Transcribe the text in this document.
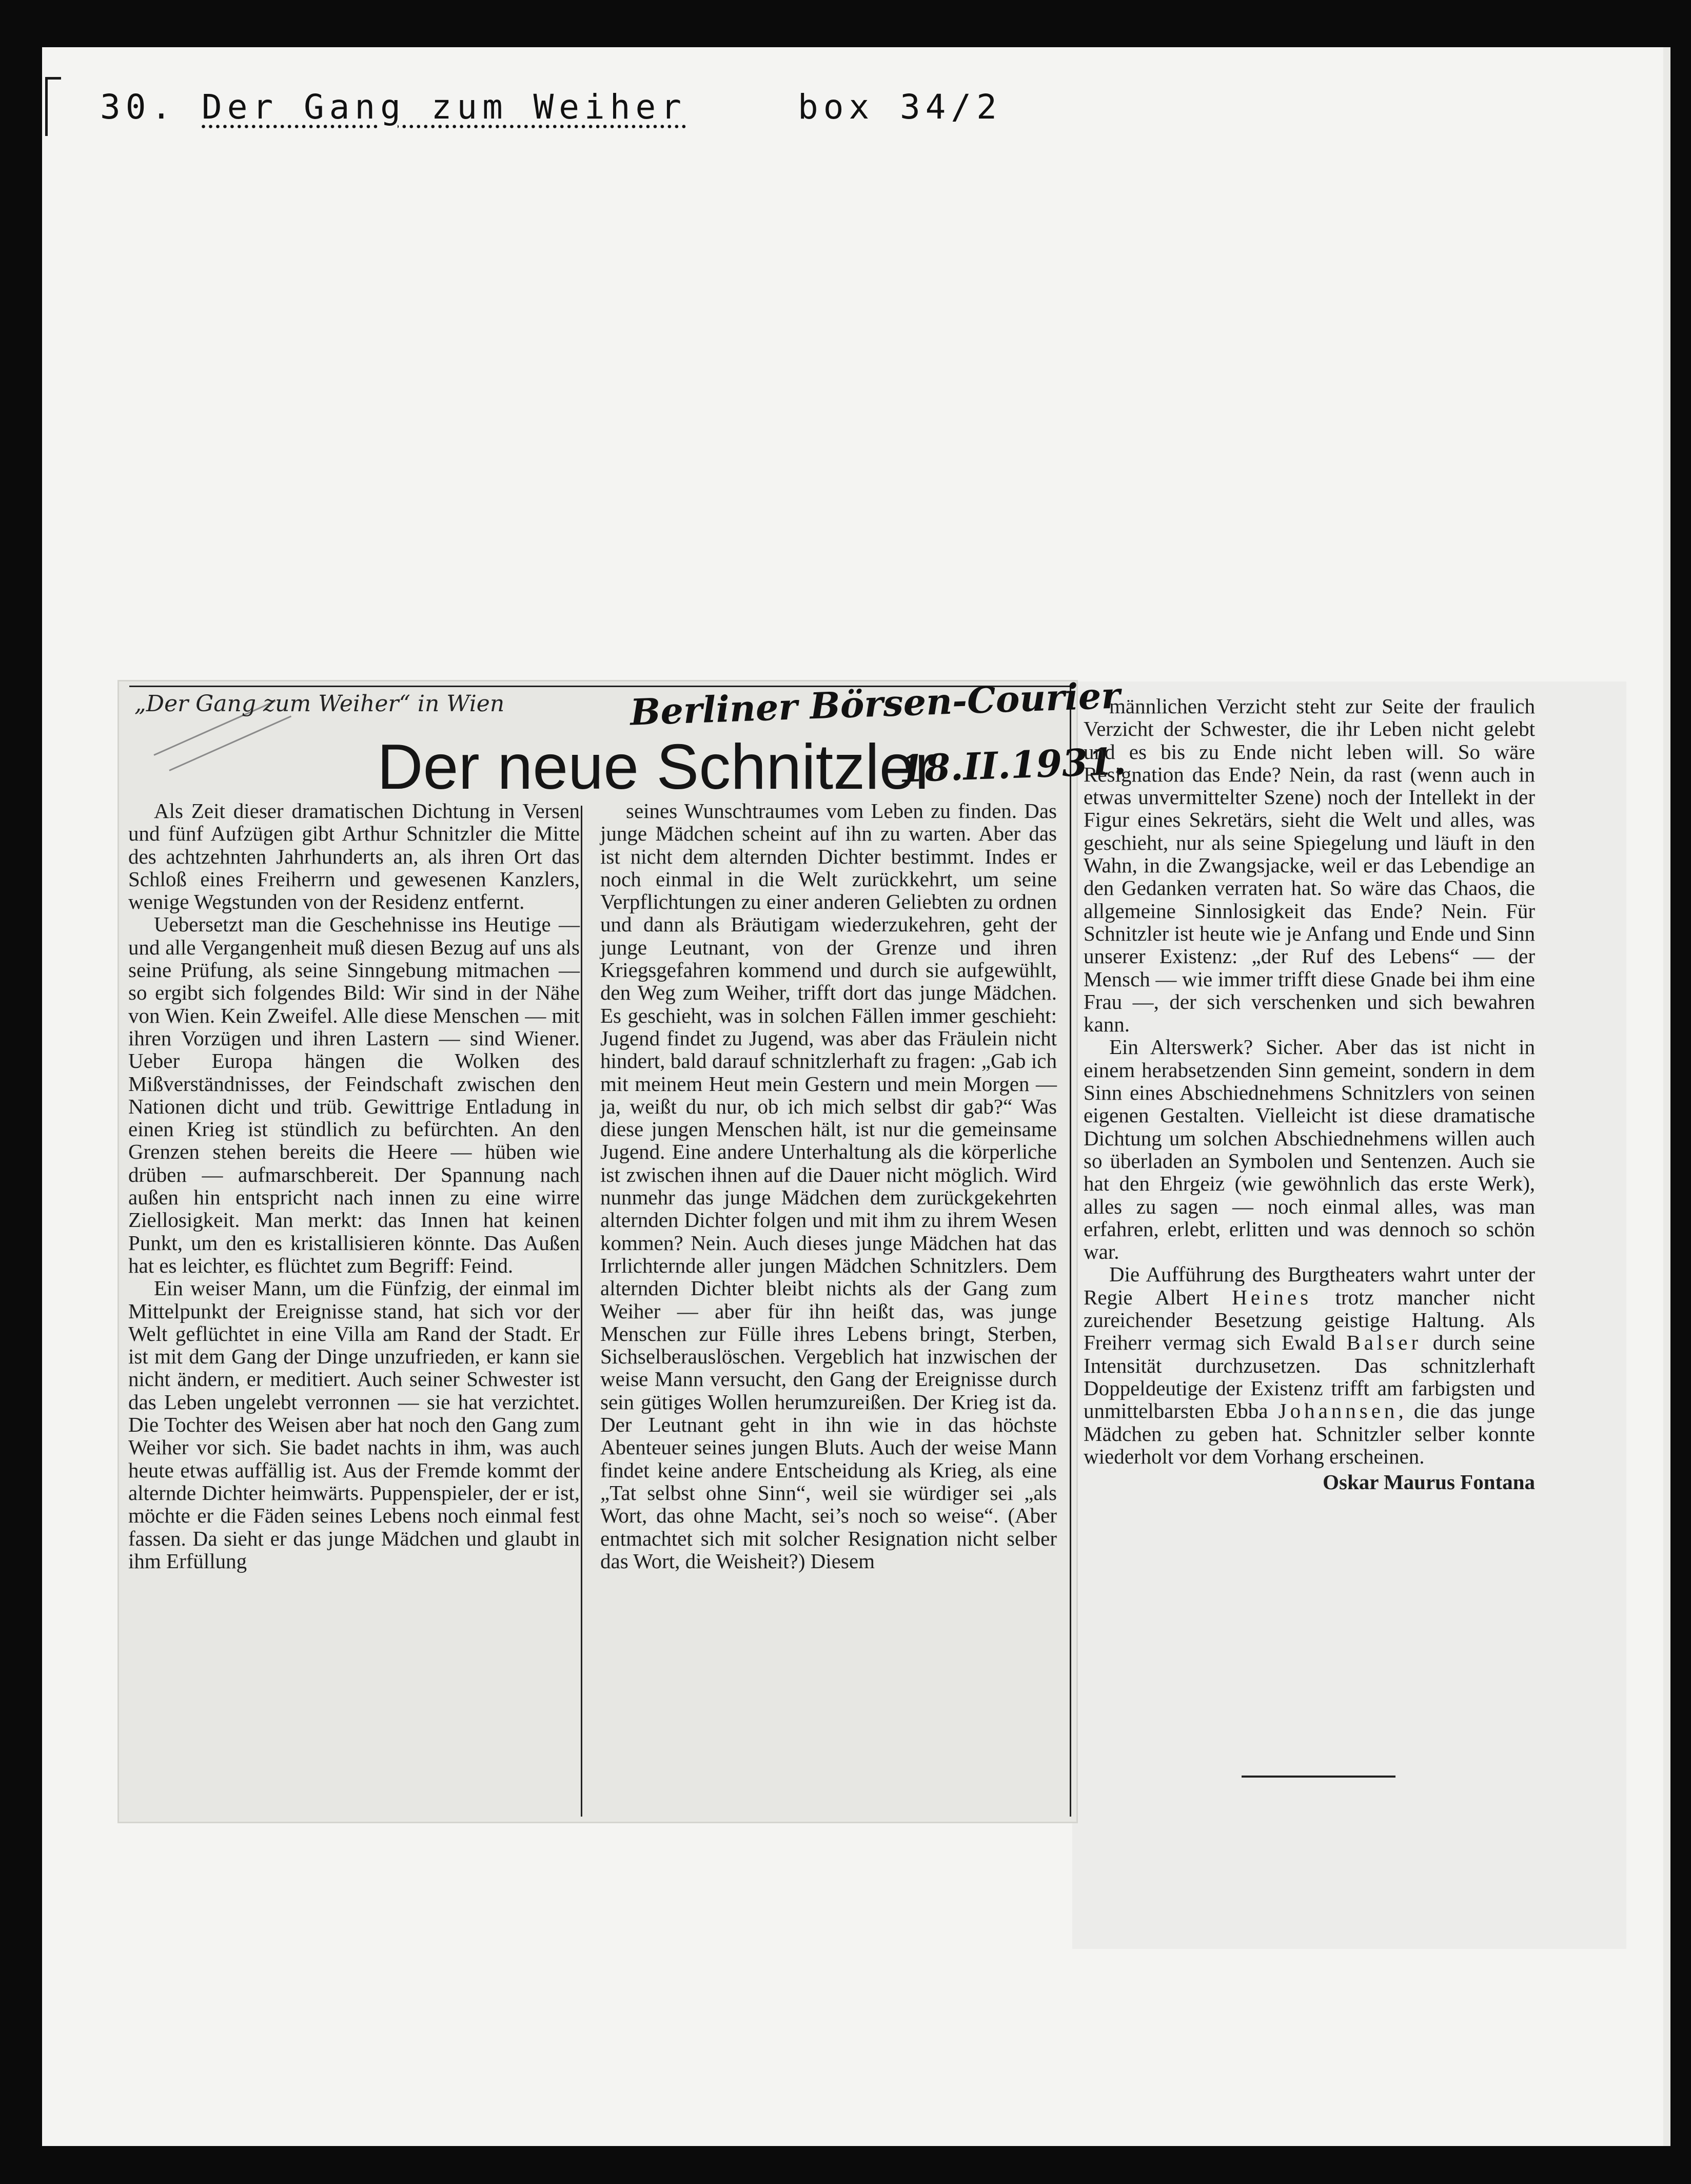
30. Der Gang zum Weiher	box 34/2
„Der Gang zum Weiher“ in Wien	Berliner Börsen-Courier
Der neue Schnitzler
18.II.1931.

Als Zeit dieser dramatischen Dichtung in Versen und fünf Aufzügen gibt Arthur Schnitzler die Mitte des achtzehnten Jahrhunderts an, als ihren Ort das Schloß eines Freiherrn und gewesenen Kanzlers, wenige Wegstunden von der Residenz entfernt.

Uebersetzt man die Geschehnisse ins Heutige — und alle Vergangenheit muß diesen Bezug auf uns als seine Prüfung, als seine Sinngebung mitmachen — so ergibt sich folgendes Bild: Wir sind in der Nähe von Wien. Kein Zweifel. Alle diese Menschen — mit ihren Vorzügen und ihren Lastern — sind Wiener. Ueber Europa hängen die Wolken des Mißverständnisses, der Feindschaft zwischen den Nationen dicht und trüb. Gewittrige Entladung in einen Krieg ist stündlich zu befürchten. An den Grenzen stehen bereits die Heere — hüben wie drüben — aufmarschbereit. Der Spannung nach außen hin entspricht nach innen zu eine wirre Ziellosigkeit. Man merkt: das Innen hat keinen Punkt, um den es kristallisieren könnte. Das Außen hat es leichter, es flüchtet zum Begriff: Feind.

Ein weiser Mann, um die Fünfzig, der einmal im Mittelpunkt der Ereignisse stand, hat sich vor der Welt geflüchtet in eine Villa am Rand der Stadt. Er ist mit dem Gang der Dinge unzufrieden, er kann sie nicht ändern, er meditiert. Auch seiner Schwester ist das Leben ungelebt verronnen — sie hat verzichtet. Die Tochter des Weisen aber hat noch den Gang zum Weiher vor sich. Sie badet nachts in ihm, was auch heute etwas auffällig ist. Aus der Fremde kommt der alternde Dichter heimwärts. Puppenspieler, der er ist, möchte er die Fäden seines Lebens noch einmal fest fassen. Da sieht er das junge Mädchen und glaubt in ihm Erfüllung

seines Wunschtraumes vom Leben zu finden. Das junge Mädchen scheint auf ihn zu warten. Aber das ist nicht dem alternden Dichter bestimmt. Indes er noch einmal in die Welt zurückkehrt, um seine Verpflichtungen zu einer anderen Geliebten zu ordnen und dann als Bräutigam wiederzukehren, geht der junge Leutnant, von der Grenze und ihren Kriegsgefahren kommend und durch sie aufgewühlt, den Weg zum Weiher, trifft dort das junge Mädchen. Es geschieht, was in solchen Fällen immer geschieht: Jugend findet zu Jugend, was aber das Fräulein nicht hindert, bald darauf schnitzlerhaft zu fragen: „Gab ich mit meinem Heut mein Gestern und mein Morgen — ja, weißt du nur, ob ich mich selbst dir gab?“ Was diese jungen Menschen hält, ist nur die gemeinsame Jugend. Eine andere Unterhaltung als die körperliche ist zwischen ihnen auf die Dauer nicht möglich. Wird nunmehr das junge Mädchen dem zurückgekehrten alternden Dichter folgen und mit ihm zu ihrem Wesen kommen? Nein. Auch dieses junge Mädchen hat das Irrlichternde aller jungen Mädchen Schnitzlers. Dem alternden Dichter bleibt nichts als der Gang zum Weiher — aber für ihn heißt das, was junge Menschen zur Fülle ihres Lebens bringt, Sterben, Sichselberauslöschen. Vergeblich hat inzwischen der weise Mann versucht, den Gang der Ereignisse durch sein gütiges Wollen herumzureißen. Der Krieg ist da. Der Leutnant geht in ihn wie in das höchste Abenteuer seines jungen Bluts. Auch der weise Mann findet keine andere Entscheidung als Krieg, als eine „Tat selbst ohne Sinn“, weil sie würdiger sei „als Wort, das ohne Macht, sei’s noch so weise“. (Aber entmachtet sich mit solcher Resignation nicht selber das Wort, die Weisheit?) Diesem

männlichen Verzicht steht zur Seite der fraulich Verzicht der Schwester, die ihr Leben nicht gelebt und es bis zu Ende nicht leben will. So wäre Resignation das Ende? Nein, da rast (wenn auch in etwas unvermittelter Szene) noch der Intellekt in der Figur eines Sekretärs, sieht die Welt und alles, was geschieht, nur als seine Spiegelung und läuft in den Wahn, in die Zwangsjacke, weil er das Lebendige an den Gedanken verraten hat. So wäre das Chaos, die allgemeine Sinnlosigkeit das Ende? Nein. Für Schnitzler ist heute wie je Anfang und Ende und Sinn unserer Existenz: „der Ruf des Lebens“ — der Mensch — wie immer trifft diese Gnade bei ihm eine Frau —, der sich verschenken und sich bewahren kann.

Ein Alterswerk? Sicher. Aber das ist nicht in einem herabsetzenden Sinn gemeint, sondern in dem Sinn eines Abschiednehmens Schnitzlers von seinen eigenen Gestalten. Vielleicht ist diese dramatische Dichtung um solchen Abschiednehmens willen auch so überladen an Symbolen und Sentenzen. Auch sie hat den Ehrgeiz (wie gewöhnlich das erste Werk), alles zu sagen — noch einmal alles, was man erfahren, erlebt, erlitten und was dennoch so schön war.

Die Aufführung des Burgtheaters wahrt unter der Regie Albert Heines trotz mancher nicht zureichender Besetzung geistige Haltung. Als Freiherr vermag sich Ewald Balser durch seine Intensität durchzusetzen. Das schnitzlerhaft Doppeldeutige der Existenz trifft am farbigsten und unmittelbarsten Ebba Johannsen, die das junge Mädchen zu geben hat. Schnitzler selber konnte wiederholt vor dem Vorhang erscheinen.

Oskar Maurus Fontana
